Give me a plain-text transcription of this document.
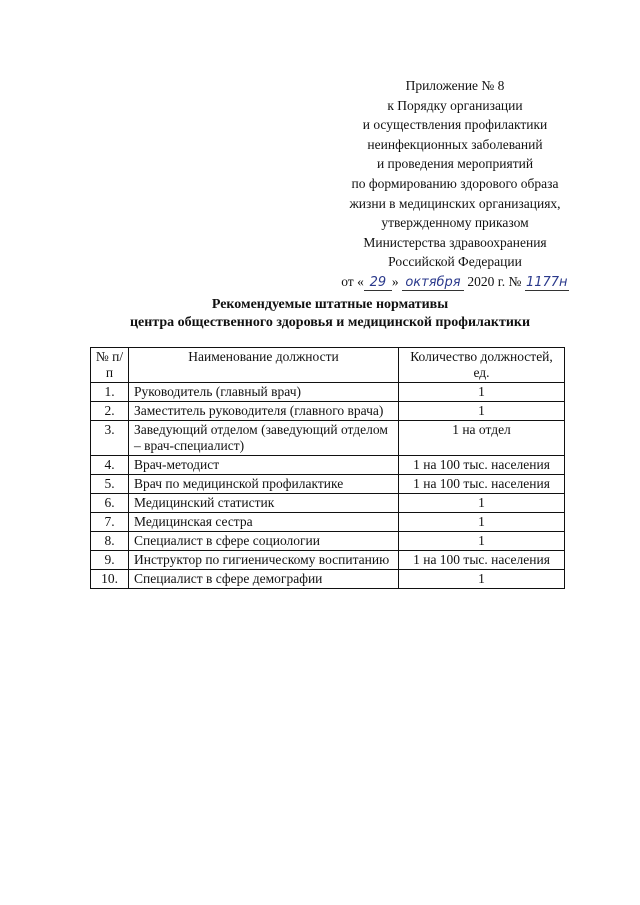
Приложение № 8
к Порядку организации
и осуществления профилактики
неинфекционных заболеваний
и проведения мероприятий
по формированию здорового образа
жизни в медицинских организациях,
утвержденному приказом
Министерства здравоохранения
Российской Федерации
от « 29 » октября 2020 г. № 1177н
Рекомендуемые штатные нормативы
центра общественного здоровья и медицинской профилактики
№ п/п	Наименование должности	Количество должностей, ед.
1.	Руководитель (главный врач)	1
2.	Заместитель руководителя (главного врача)	1
3.	Заведующий отделом (заведующий отделом – врач-специалист)	1 на отдел
4.	Врач-методист	1 на 100 тыс. населения
5.	Врач по медицинской профилактике	1 на 100 тыс. населения
6.	Медицинский статистик	1
7.	Медицинская сестра	1
8.	Специалист в сфере социологии	1
9.	Инструктор по гигиеническому воспитанию	1 на 100 тыс. населения
10.	Специалист в сфере демографии	1
